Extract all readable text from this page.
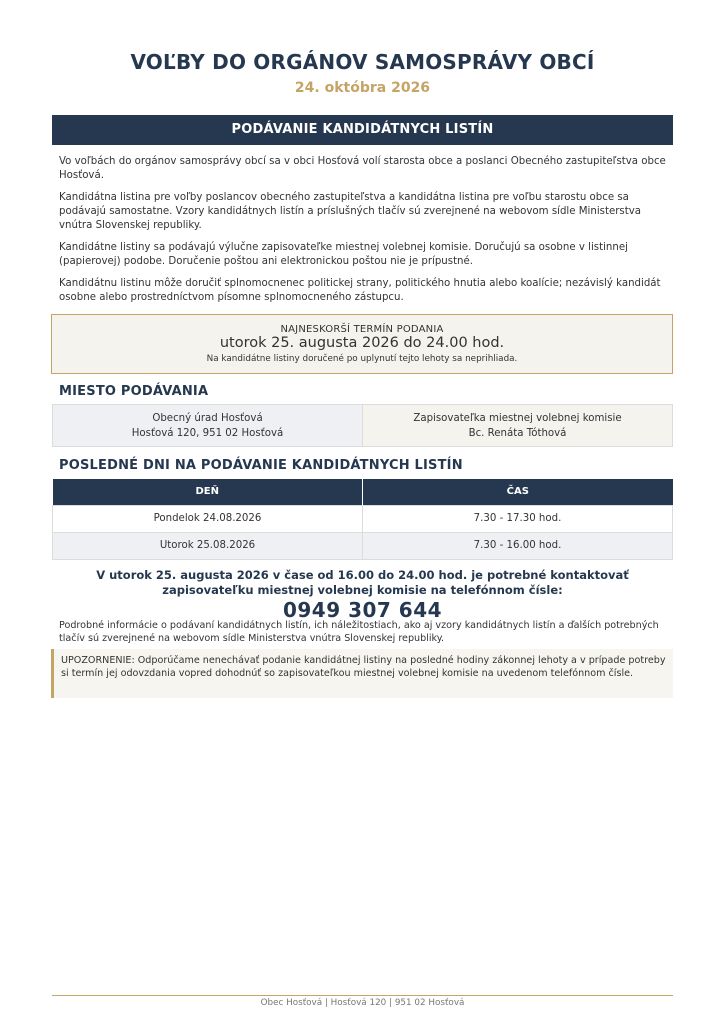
VOĽBY DO ORGÁNOV SAMOSPRÁVY OBCÍ
24. októbra 2026
PODÁVANIE KANDIDÁTNYCH LISTÍN

Vo voľbách do orgánov samosprávy obcí sa v obci Hosťová volí starosta obce a poslanci Obecného zastupiteľstva obce Hosťová.

Kandidátna listina pre voľby poslancov obecného zastupiteľstva a kandidátna listina pre voľbu starostu obce sa podávajú samostatne. Vzory kandidátnych listín a príslušných tlačív sú zverejnené na webovom sídle Ministerstva vnútra Slovenskej republiky.

Kandidátne listiny sa podávajú výlučne zapisovateľke miestnej volebnej komisie. Doručujú sa osobne v listinnej (papierovej) podobe. Doručenie poštou ani elektronickou poštou nie je prípustné.

Kandidátnu listinu môže doručiť splnomocnenec politickej strany, politického hnutia alebo koalície; nezávislý kandidát osobne alebo prostredníctvom písomne splnomocneného zástupcu.

NAJNESKORŠÍ TERMÍN PODANIA
utorok 25. augusta 2026 do 24.00 hod.
Na kandidátne listiny doručené po uplynutí tejto lehoty sa neprihliada.
MIESTO PODÁVANIA
Obecný úrad Hosťová
Hosťová 120, 951 02 Hosťová
Zapisovateľka miestnej volebnej komisie
Bc. Renáta Tóthová
POSLEDNÉ DNI NA PODÁVANIE KANDIDÁTNYCH LISTÍN
DEŇ	ČAS
Pondelok 24.08.2026	7.30 - 17.30 hod.
Utorok 25.08.2026	7.30 - 16.00 hod.
V utorok 25. augusta 2026 v čase od 16.00 do 24.00 hod. je potrebné kontaktovať
zapisovateľku miestnej volebnej komisie na telefónnom čísle:
0949 307 644
Podrobné informácie o podávaní kandidátnych listín, ich náležitostiach, ako aj vzory kandidátnych listín a ďalších potrebných tlačív sú zverejnené na webovom sídle Ministerstva vnútra Slovenskej republiky.
UPOZORNENIE: Odporúčame nenechávať podanie kandidátnej listiny na posledné hodiny zákonnej lehoty a v prípade potreby si termín jej odovzdania vopred dohodnúť so zapisovateľkou miestnej volebnej komisie na uvedenom telefónnom čísle.
Obec Hosťová | Hosťová 120 | 951 02 Hosťová
